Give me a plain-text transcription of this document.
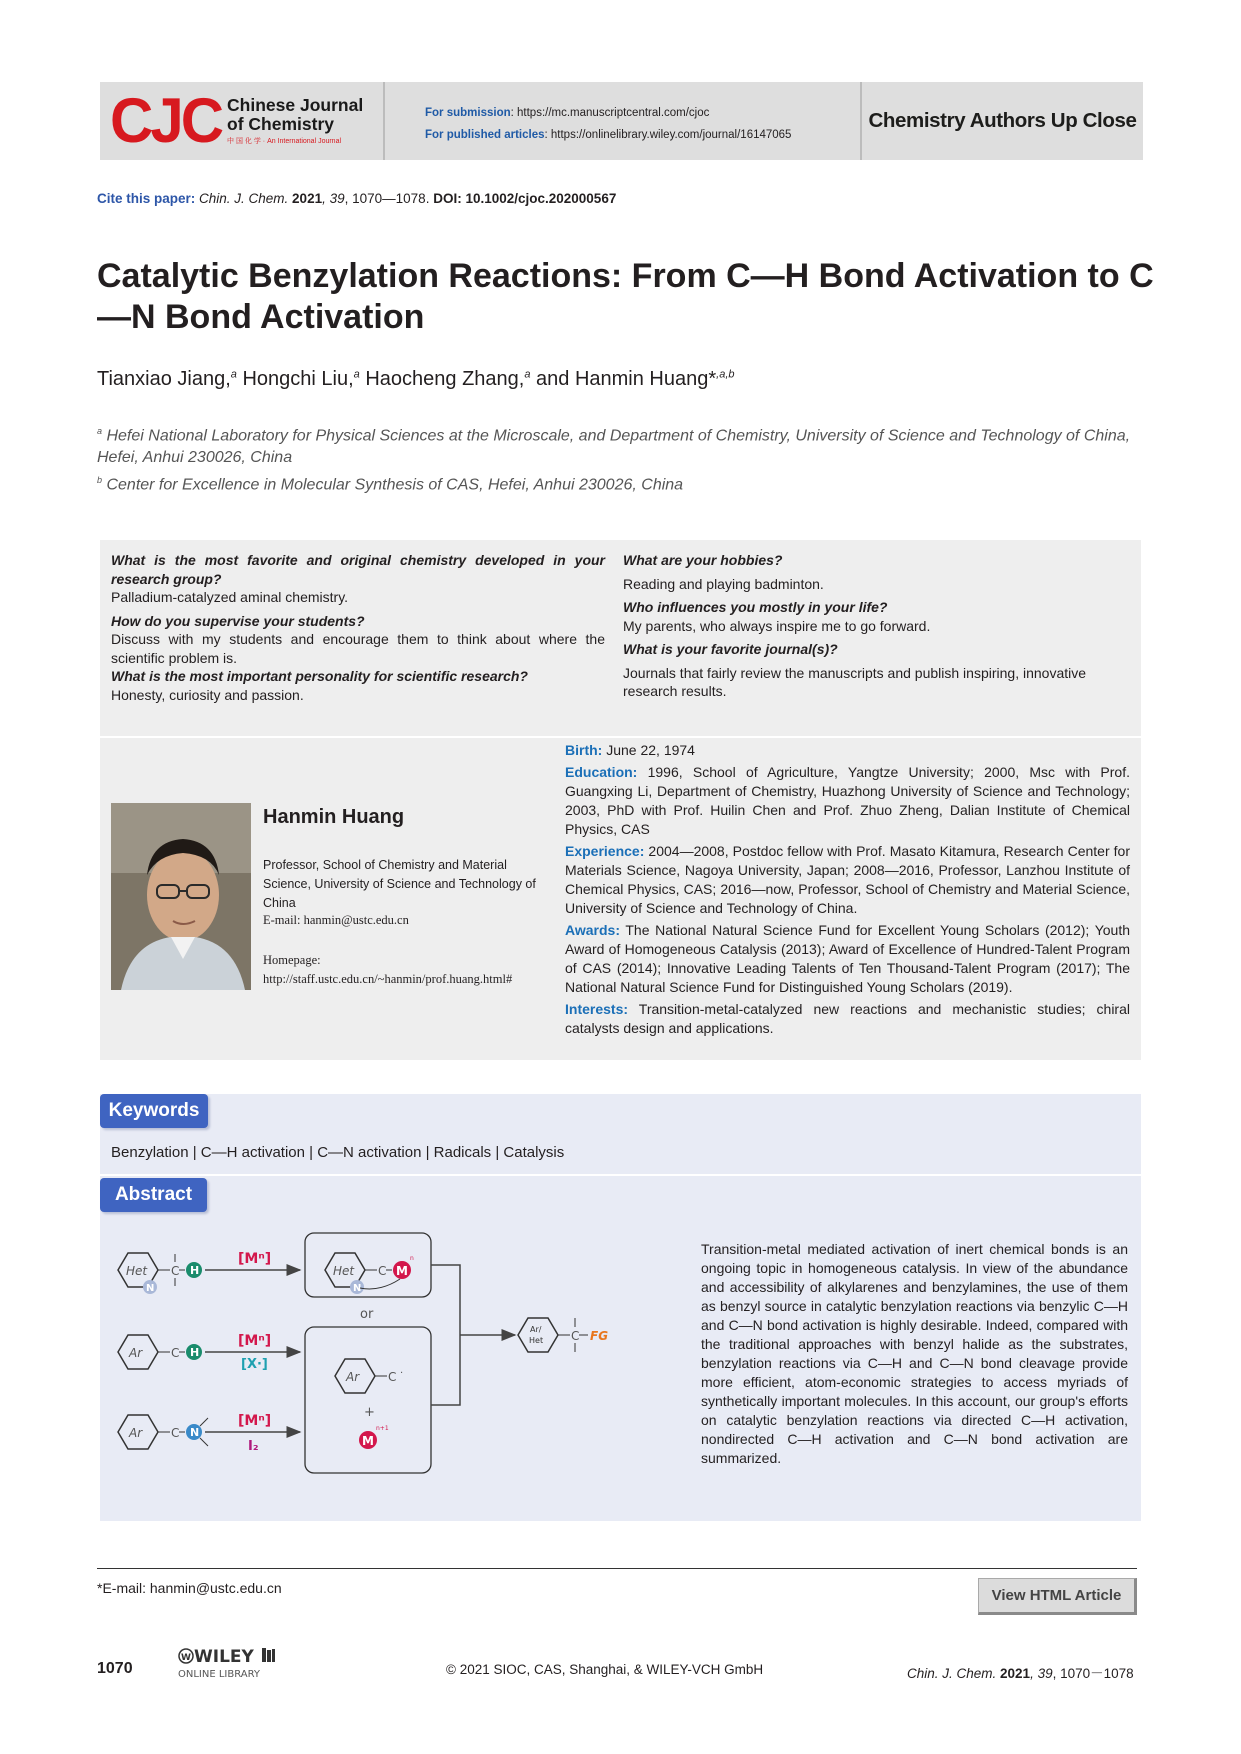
CJC Chinese Journal
of Chemistry
中 国 化 学 · An International Journal
For submission: https://mc.manuscriptcentral.com/cjoc
For published articles: https://onlinelibrary.wiley.com/journal/16147065
Chemistry Authors Up Close
Cite this paper: Chin. J. Chem. 2021, 39, 1070—1078. DOI: 10.1002/cjoc.202000567
Catalytic Benzylation Reactions: From C—H Bond Activation to C—N Bond Activation
Tianxiao Jiang,$^a$ Hongchi Liu,$^a$ Haocheng Zhang,$^a$ and Hanmin Huang*$^{,a,b}$
$^a$ Hefei National Laboratory for Physical Sciences at the Microscale, and Department of Chemistry, University of Science and Technology of China, Hefei, Anhui 230026, China
$^b$ Center for Excellence in Molecular Synthesis of CAS, Hefei, Anhui 230026, China
What is the most favorite and original chemistry developed in your research group?
Palladium-catalyzed aminal chemistry.
How do you supervise your students?
Discuss with my students and encourage them to think about where the scientific problem is.
What is the most important personality for scientific research?
Honesty, curiosity and passion.
What are your hobbies?
Reading and playing badminton.
Who influences you mostly in your life?
My parents, who always inspire me to go forward.
What is your favorite journal(s)?
Journals that fairly review the manuscripts and publish inspiring, innovative research results.
Hanmin Huang
Professor, School of Chemistry and Material Science, University of Science and Technology of China
E-mail: hanmin@ustc.edu.cn
Homepage:
http://staff.ustc.edu.cn/~hanmin/prof.huang.html#

Birth: June 22, 1974

Education: 1996, School of Agriculture, Yangtze University; 2000, Msc with Prof. Guangxing Li, Department of Chemistry, Huazhong University of Science and Technology; 2003, PhD with Prof. Huilin Chen and Prof. Zhuo Zheng, Dalian Institute of Chemical Physics, CAS

Experience: 2004—2008, Postdoc fellow with Prof. Masato Kitamura, Research Center for Materials Science, Nagoya University, Japan; 2008—2016, Professor, Lanzhou Institute of Chemical Physics, CAS; 2016—now, Professor, School of Chemistry and Material Science, University of Science and Technology of China.

Awards: The National Natural Science Fund for Excellent Young Scholars (2012); Youth Award of Homogeneous Catalysis (2013); Award of Excellence of Hundred-Talent Program of CAS (2014); Innovative Leading Talents of Ten Thousand-Talent Program (2017); The National Natural Science Fund for Distinguished Young Scholars (2019).

Interests: Transition-metal-catalyzed new reactions and mechanistic studies; chiral catalysts design and applications.

Keywords
Benzylation | C—H activation | C—N activation | Radicals | Catalysis
Abstract
Transition-metal mediated activation of inert chemical bonds is an ongoing topic in homogeneous catalysis. In view of the abundance and accessibility of alkylarenes and benzylamines, the use of them as benzyl source in catalytic benzylation reactions via benzylic C—H and C—N bond activation is highly desirable. Indeed, compared with the traditional approaches with benzyl halide as the substrates, benzylation reactions via C—H and C—N bond cleavage provide more efficient, atom-economic strategies to access myriads of synthetically important molecules. In this account, our group's efforts on catalytic benzylation reactions via directed C—H activation, nondirected C—H activation and C—N bond activation are summarized.
Het
N
C H
[Mⁿ]
Het
N
C M
n
or
Ar C H
[Mⁿ]
[X·]
Ar C ·
+
M
n+1
Ar C N
[Mⁿ]
I₂
Ar/
Het C FG
*E-mail: hanmin@ustc.edu.cn	View HTML Article
1070
W WILEY
ONLINE LIBRARY	© 2021 SIOC, CAS, Shanghai, & WILEY-VCH GmbH	Chin. J. Chem. 2021, 39, 1070－1078
